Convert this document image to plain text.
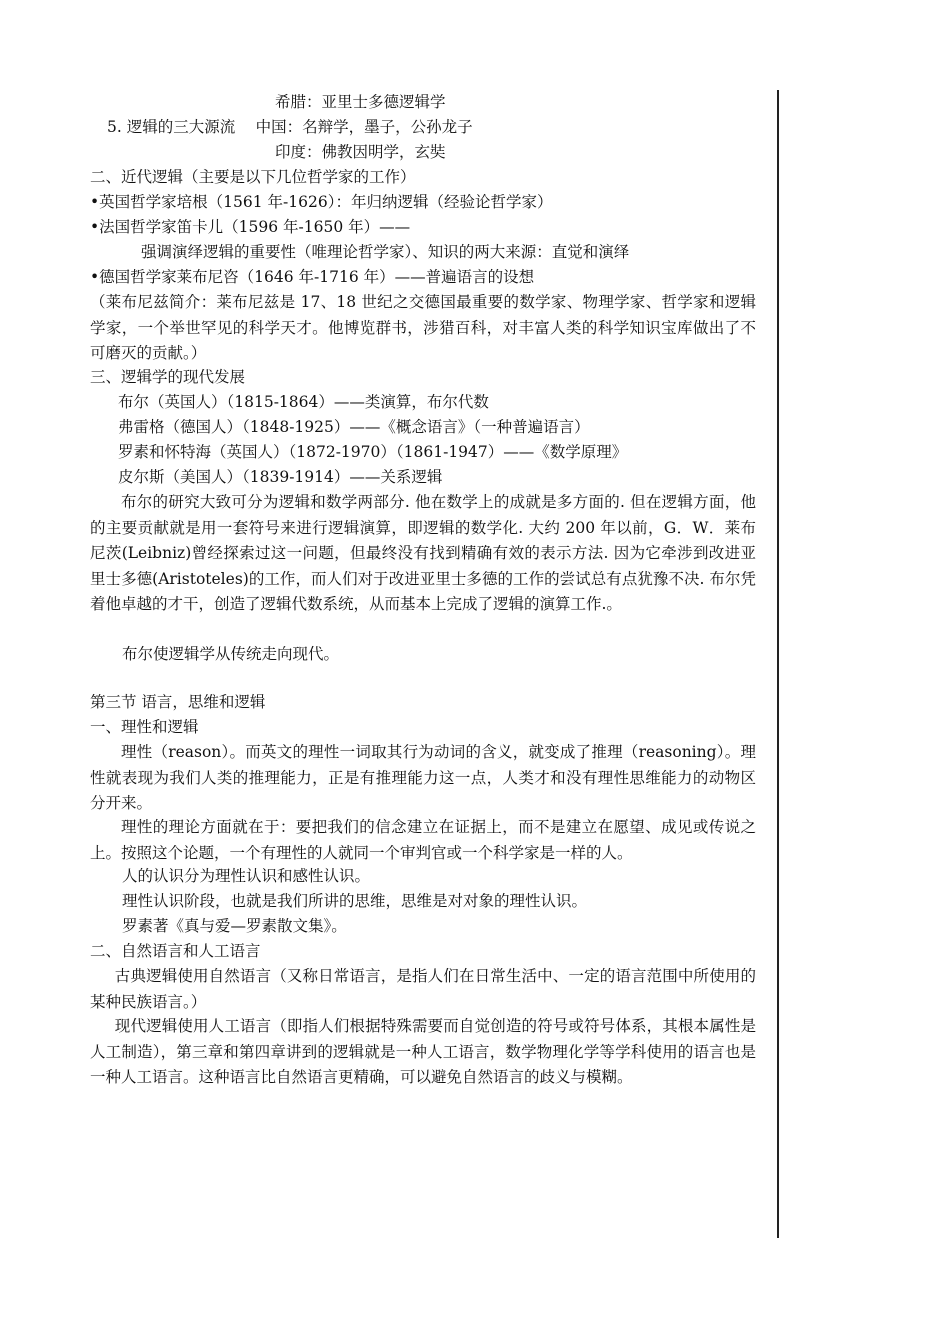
希腊：亚里士多德逻辑学
5. 逻辑的三大源流　 中国：名辩学，墨子，公孙龙子
印度：佛教因明学，玄奘
二、近代逻辑（主要是以下几位哲学家的工作）
•英国哲学家培根（1561 年-1626）：年归纳逻辑（经验论哲学家）
•法国哲学家笛卡儿（1596 年-1650 年）——
强调演绎逻辑的重要性（唯理论哲学家）、知识的两大来源：直觉和演绎
•德国哲学家莱布尼咨（1646 年-1716 年）——普遍语言的设想

（莱布尼兹简介：莱布尼兹是 17、18 世纪之交德国最重要的数学家、物理学家、哲学家和逻辑学家，一个举世罕见的科学天才。他博览群书，涉猎百科，对丰富人类的科学知识宝库做出了不可磨灭的贡献。）

三、逻辑学的现代发展
布尔（英国人）（1815-1864）——类演算，布尔代数
弗雷格（德国人）（1848-1925）——《概念语言》（一种普遍语言）
罗素和怀特海（英国人）（1872-1970）（1861-1947）——《数学原理》
皮尔斯（美国人）（1839-1914）——关系逻辑

布尔的研究大致可分为逻辑和数学两部分. 他在数学上的成就是多方面的. 但在逻辑方面，他的主要贡献就是用一套符号来进行逻辑演算，即逻辑的数学化. 大约 200 年以前，G．W．莱布尼茨(Leibniz)曾经探索过这一问题，但最终没有找到精确有效的表示方法. 因为它牵涉到改进亚里士多德(Aristoteles)的工作，而人们对于改进亚里士多德的工作的尝试总有点犹豫不决. 布尔凭着他卓越的才干，创造了逻辑代数系统，从而基本上完成了逻辑的演算工作.。

布尔使逻辑学从传统走向现代。
第三节 语言，思维和逻辑
一、理性和逻辑

理性（reason）。而英文的理性一词取其行为动词的含义，就变成了推理（reasoning）。理性就表现为我们人类的推理能力，正是有推理能力这一点，人类才和没有理性思维能力的动物区分开来。

理性的理论方面就在于：要把我们的信念建立在证据上，而不是建立在愿望、成见或传说之上。按照这个论题，一个有理性的人就同一个审判官或一个科学家是一样的人。

人的认识分为理性认识和感性认识。
理性认识阶段，也就是我们所讲的思维，思维是对对象的理性认识。
罗素著《真与爱—罗素散文集》。
二、自然语言和人工语言

古典逻辑使用自然语言（又称日常语言，是指人们在日常生活中、一定的语言范围中所使用的某种民族语言。）

现代逻辑使用人工语言（即指人们根据特殊需要而自觉创造的符号或符号体系，其根本属性是人工制造），第三章和第四章讲到的逻辑就是一种人工语言，数学物理化学等学科使用的语言也是一种人工语言。这种语言比自然语言更精确，可以避免自然语言的歧义与模糊。
